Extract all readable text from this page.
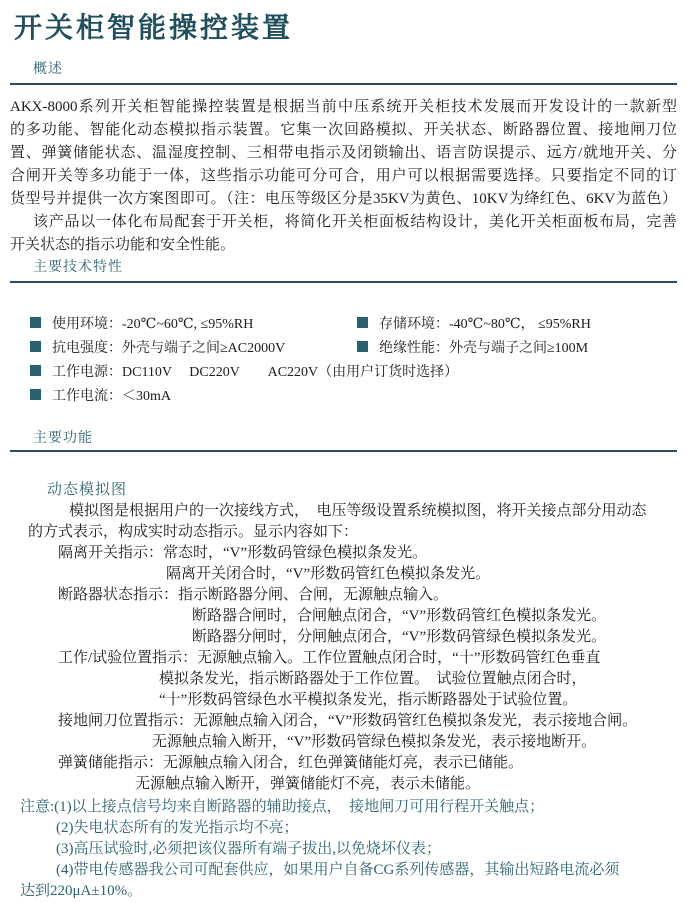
开关柜智能操控装置
概述
AKX-8000系列开关柜智能操控装置是根据当前中压系统开关柜技术发展而开发设计的一款新型
的多功能、智能化动态模拟指示装置。它集一次回路模拟、开关状态、断路器位置、接地闸刀位
置、弹簧储能状态、温湿度控制、三相带电指示及闭锁输出、语言防误提示、远方/就地开关、分
合闸开关等多功能于一体，这些指示功能可分可合，用户可以根据需要选择。只要指定不同的订
货型号并提供一次方案图即可。（注：电压等级区分是35KV为黄色、10KV为绛红色、6KV为蓝色）
该产品以一体化布局配套于开关柜，将简化开关柜面板结构设计，美化开关柜面板布局，完善
开关状态的指示功能和安全性能。
主要技术特性
使用环境：-20℃~60℃, ≤95%RH	存储环境：-40℃~80℃， ≤95%RH
抗电强度：外壳与端子之间≥AC2000V	绝缘性能：外壳与端子之间≥100M
工作电源：DC110V　 DC220V　　AC220V（由用户订货时选择）
工作电流：＜30mA
主要功能
动态模拟图
模拟图是根据用户的一次接线方式，　电压等级设置系统模拟图，将开关接点部分用动态
的方式表示，构成实时动态指示。显示内容如下：
隔离开关指示：常态时，“V”形数码管绿色模拟条发光。
隔离开关闭合时，“V”形数码管红色模拟条发光。
断路器状态指示：指示断路器分闸、合闸，无源触点输入。
断路器合闸时，合闸触点闭合，“V”形数码管红色模拟条发光。
断路器分闸时，分闸触点闭合，“V”形数码管绿色模拟条发光。
工作/试验位置指示：无源触点输入。工作位置触点闭合时，“十”形数码管红色垂直
模拟条发光，指示断路器处于工作位置。　试验位置触点闭合时，
“十”形数码管绿色水平模拟条发光，指示断路器处于试验位置。
接地闸刀位置指示：无源触点输入闭合，“V”形数码管红色模拟条发光，表示接地合闸。
无源触点输入断开，“V”形数码管绿色模拟条发光，表示接地断开。
弹簧储能指示：无源触点输入闭合，红色弹簧储能灯亮，表示已储能。
无源触点输入断开，弹簧储能灯不亮，表示未储能。
注意:(1)以上接点信号均来自断路器的辅助接点，　接地闸刀可用行程开关触点；
(2)失电状态所有的发光指示均不亮；
(3)高压试验时,必须把该仪器所有端子拔出,以免烧坏仪表；
(4)带电传感器我公司可配套供应，如果用户自备CG系列传感器，其输出短路电流必须
达到220μA±10%。
